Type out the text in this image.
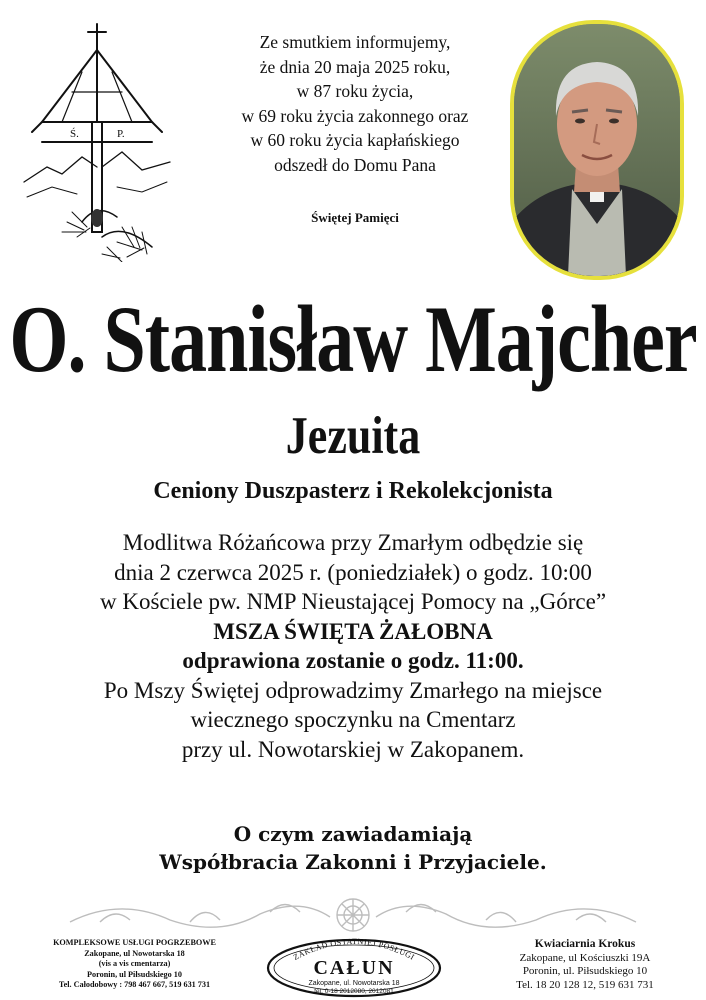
Ś.	P.
Ze smutkiem informujemy,
że dnia 20 maja 2025 roku,
w 87 roku życia,
w 69 roku życia zakonnego oraz
w 60 roku życia kapłańskiego
odszedł do Domu Pana
Świętej Pamięci
O. Stanisław Majcher
Jezuita
Ceniony Duszpasterz i Rekolekcjonista
Modlitwa Różańcowa przy Zmarłym odbędzie się
dnia 2 czerwca 2025 r. (poniedziałek) o godz. 10:00
w Kościele pw. NMP Nieustającej Pomocy na „Górce”
MSZA ŚWIĘTA ŻAŁOBNA
odprawiona zostanie o godz. 11:00.
Po Mszy Świętej odprowadzimy Zmarłego na miejsce
wiecznego spoczynku na Cmentarz
przy ul. Nowotarskiej w Zakopanem.
O czym zawiadamiają
Współbracia Zakonni i Przyjaciele.
KOMPLEKSOWE USŁUGI POGRZEBOWE
Zakopane, ul Nowotarska 18
(vis a vis cmentarza)
Poronin, ul Piłsudskiego 10
Tel. Całodobowy : 798 467 667, 519 631 731
ZAKŁAD OSTATNIEJ POSŁUGI
CAŁUN
Zakopane, ul. Nowotarska 18
tel. 0-18 2012080, 2012081
Kwiaciarnia Krokus
Zakopane, ul Kościuszki 19A
Poronin, ul. Piłsudskiego 10
Tel. 18 20 128 12, 519 631 731
